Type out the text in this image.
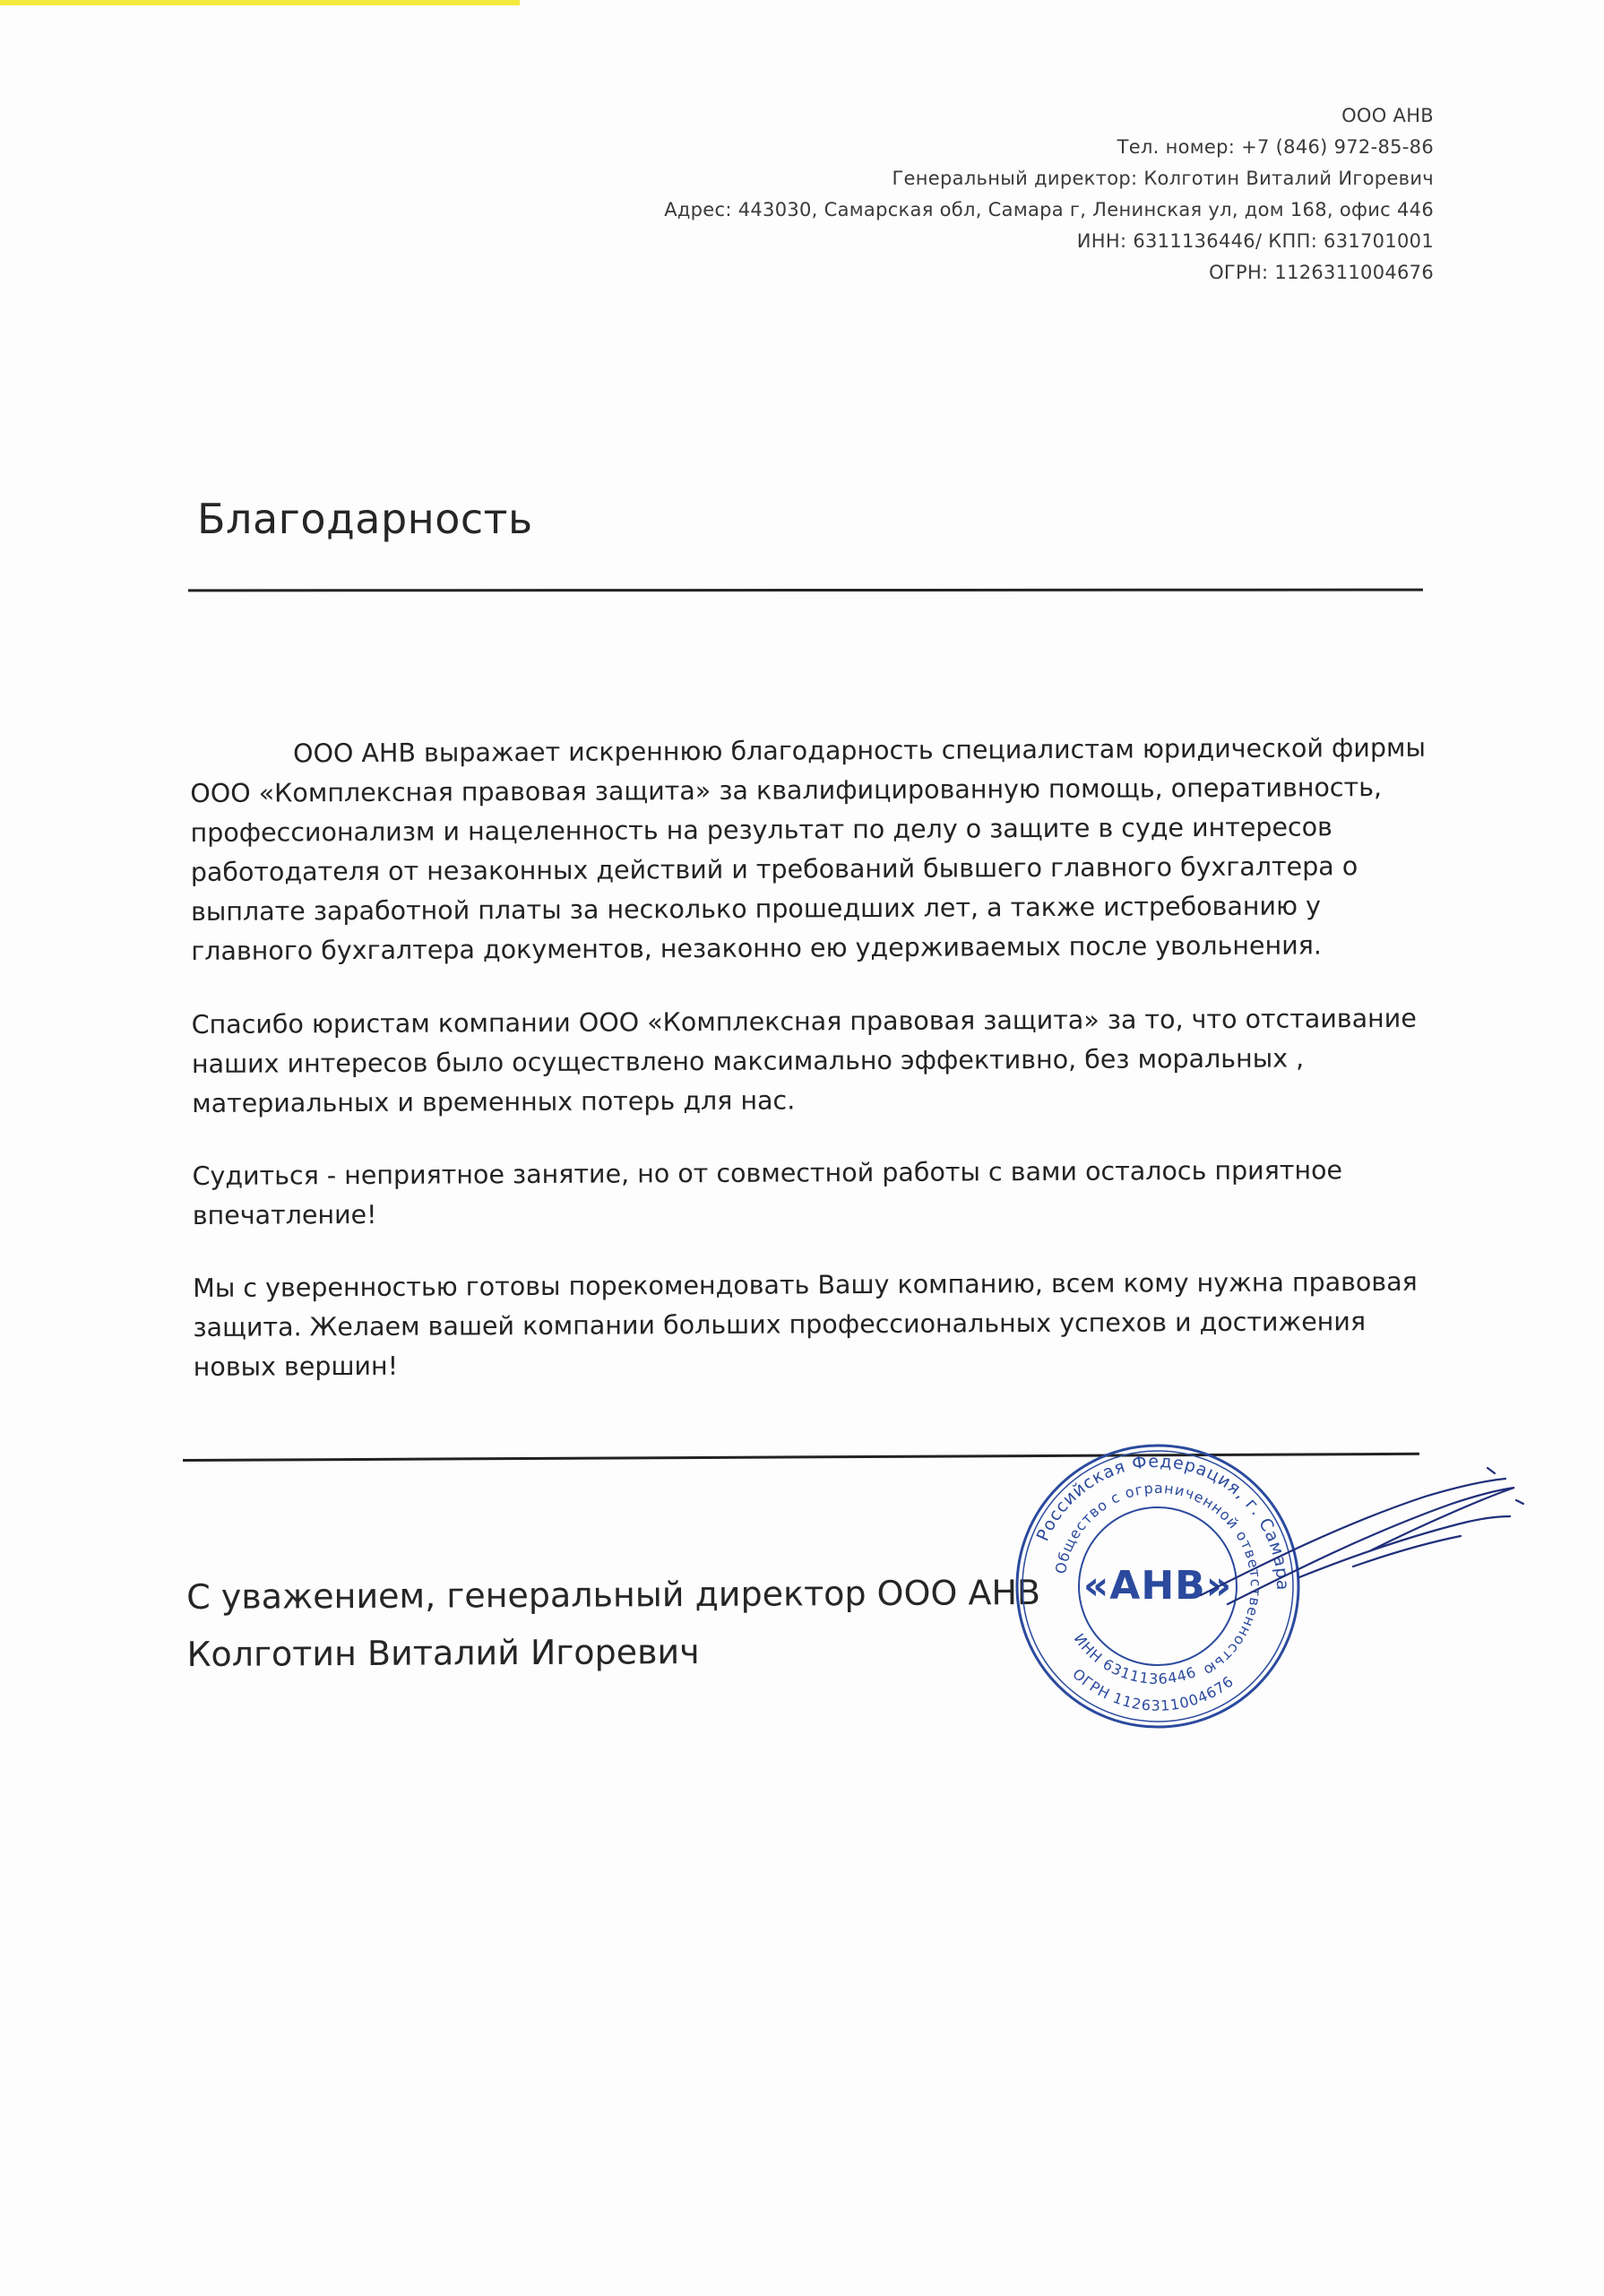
ООО АНВ
Тел. номер: +7 (846) 972-85-86
Генеральный директор: Колготин Виталий Игоревич
Адрес: 443030, Самарская обл, Самара г, Ленинская ул, дом 168, офис 446
ИНН: 6311136446/ КПП: 631701001
ОГРН: 1126311004676
Благодарность

ООО АНВ выражает искреннюю благодарность специалистам юридической фирмы ООО «Комплексная правовая защита» за квалифицированную помощь, оперативность, профессионализм и нацеленность на результат по делу о защите в суде интересов работодателя от незаконных действий и требований бывшего главного бухгалтера о выплате заработной платы за несколько прошедших лет, а также истребованию у главного бухгалтера документов, незаконно ею удерживаемых после увольнения.

Спасибо юристам компании ООО «Комплексная правовая защита» за то, что отстаивание наших интересов было осуществлено максимально эффективно, без моральных , материальных и временных потерь для нас.

Судиться - неприятное занятие, но от совместной работы с вами осталось приятное впечатление!

Мы с уверенностью готовы порекомендовать Вашу компанию, всем кому нужна правовая защита. Желаем вашей компании больших профессиональных успехов и достижения новых вершин!

С уважением, генеральный директор ООО АНВ
Колготин Виталий Игоревич
Российская Федерация, г. Самара
Общество с ограниченной ответственностью
ИНН 6311136446
ОГРН 1126311004676
«АНВ»
